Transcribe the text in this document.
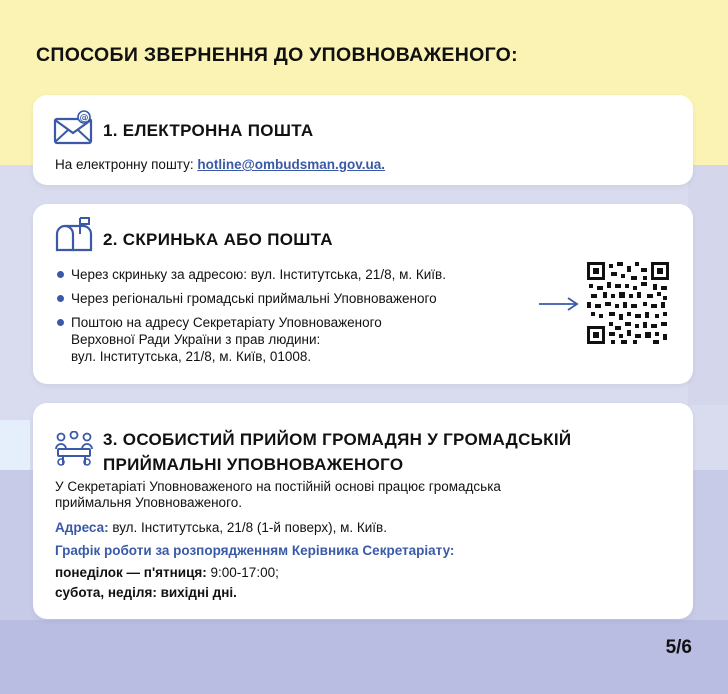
СПОСОБИ ЗВЕРНЕННЯ ДО УПОВНОВАЖЕНОГО:
@
1. ЕЛЕКТРОННА ПОШТА
На електронну пошту: hotline@ombudsman.gov.ua.
2. СКРИНЬКА АБО ПОШТА
Через скриньку за адресою: вул. Інститутська, 21/8, м. Київ.
Через регіональні громадські приймальні Уповноваженого
Поштою на адресу Секретаріату Уповноваженого
Верховної Ради України з прав людини:
вул. Інститутська, 21/8, м. Київ, 01008.
3. ОСОБИСТИЙ ПРИЙОМ ГРОМАДЯН У ГРОМАДСЬКІЙ
ПРИЙМАЛЬНІ УПОВНОВАЖЕНОГО
У Секретаріаті Уповноваженого на постійній основі працює громадська
приймальня Уповноваженого.
Адреса: вул. Інститутська, 21/8 (1-й поверх), м. Київ.
Графік роботи за розпорядженням Керівника Секретаріату:
понеділок — п'ятниця: 9:00-17:00;
субота, неділя: вихідні дні.
5/6
